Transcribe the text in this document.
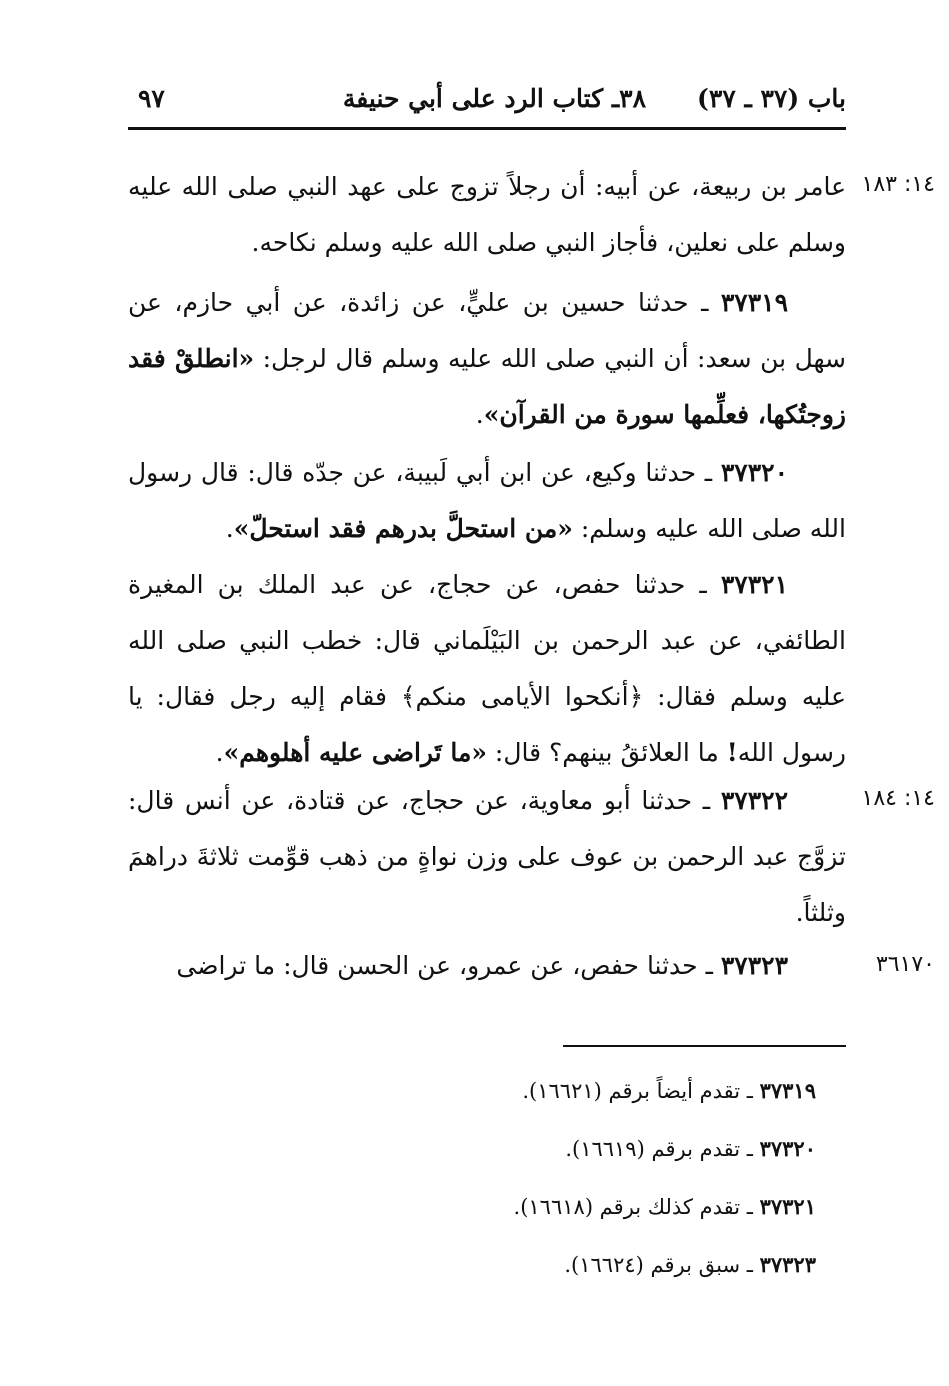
باب (٣٧ ـ ٣٧)
٣٨ـ كتاب الرد على أبي حنيفة
٩٧
١٤: ١٨٣
١٤: ١٨٤
٣٦١٧٠
عامر بن ربيعة، عن أبيه: أن رجلاً تزوج على عهد النبي صلى الله عليه وسلم على نعلين، فأجاز النبي صلى الله عليه وسلم نكاحه.
٣٧٣١٩ ـ حدثنا حسين بن عليٍّ، عن زائدة، عن أبي حازم، عن سهل بن سعد: أن النبي صلى الله عليه وسلم قال لرجل: «انطلقْ فقد زوجتُكها، فعلِّمها سورة من القرآن».
٣٧٣٢٠ ـ حدثنا وكيع، عن ابن أبي لَبيبة، عن جدّه قال: قال رسول الله صلى الله عليه وسلم: «من استحلَّ بدرهم فقد استحلّ».
٣٧٣٢١ ـ حدثنا حفص، عن حجاج، عن عبد الملك بن المغيرة الطائفي، عن عبد الرحمن بن البَيْلَماني قال: خطب النبي صلى الله عليه وسلم فقال: ﴿أنكحوا الأيامى منكم﴾ فقام إليه رجل فقال: يا رسول الله! ما العلائقُ بينهم؟ قال: «ما تَراضى عليه أهلوهم».
٣٧٣٢٢ ـ حدثنا أبو معاوية، عن حجاج، عن قتادة، عن أنس قال: تزوَّج عبد الرحمن بن عوف على وزن نواةٍ من ذهب قوِّمت ثلاثةَ دراهمَ وثلثاً.
٣٧٣٢٣ ـ حدثنا حفص، عن عمرو، عن الحسن قال: ما تراضى
٣٧٣١٩ ـ تقدم أيضاً برقم (١٦٦٢١).
٣٧٣٢٠ ـ تقدم برقم (١٦٦١٩).
٣٧٣٢١ ـ تقدم كذلك برقم (١٦٦١٨).
٣٧٣٢٣ ـ سبق برقم (١٦٦٢٤).
